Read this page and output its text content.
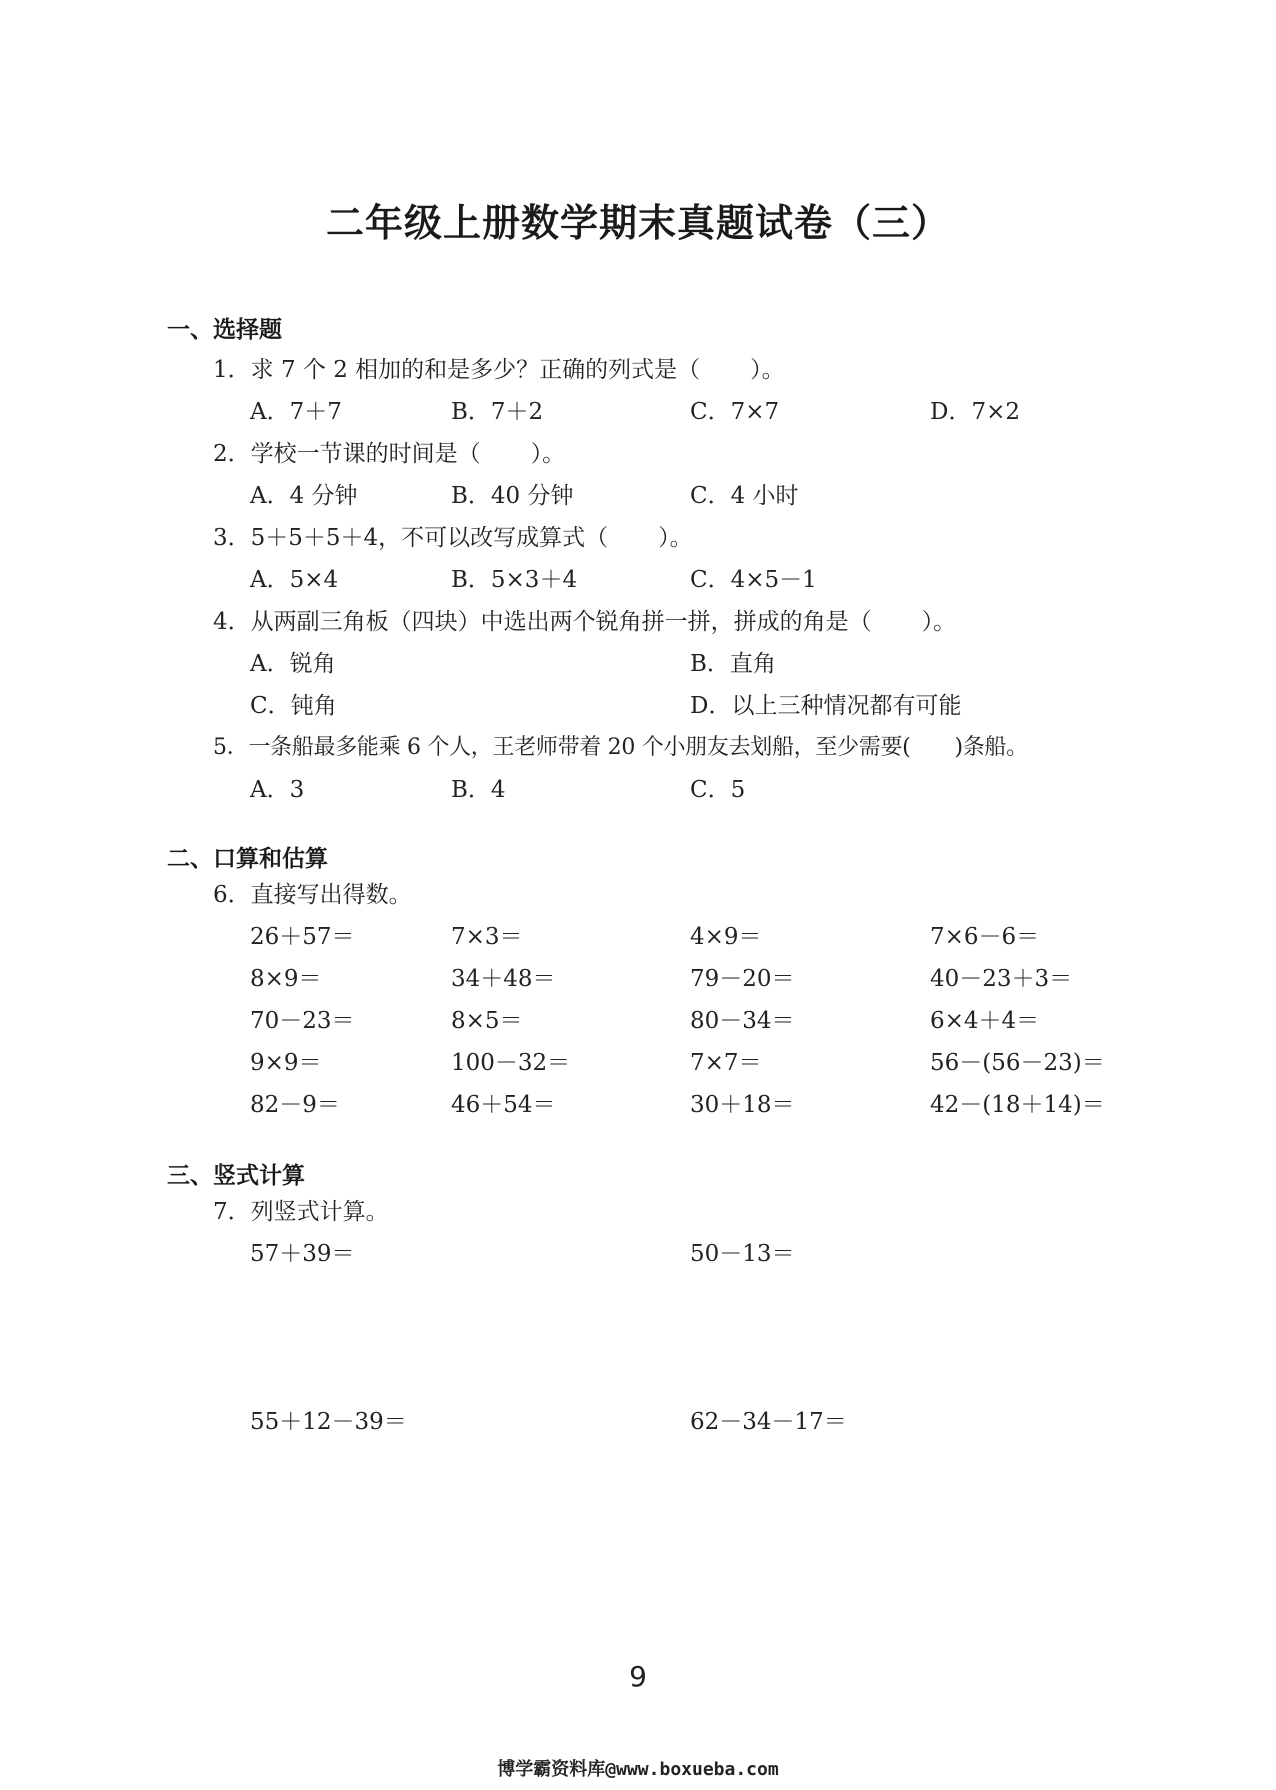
二年级上册数学期末真题试卷（三）
一、选择题
1．求 7 个 2 相加的和是多少？正确的列式是（ ）。
A．7＋7	B．7＋2	C．7×7	D．7×2
2．学校一节课的时间是（ ）。
A．4 分钟	B．40 分钟	C．4 小时
3．5＋5＋5＋4，不可以改写成算式（ ）。
A．5×4	B．5×3＋4	C．4×5－1
4．从两副三角板（四块）中选出两个锐角拼一拼，拼成的角是（ ）。
A．锐角	B．直角
C．钝角	D．以上三种情况都有可能
5．一条船最多能乘 6 个人，王老师带着 20 个小朋友去划船，至少需要( )条船。
A．3	B．4	C．5
二、口算和估算
6．直接写出得数。
26＋57＝	7×3＝	4×9＝	7×6－6＝
8×9＝	34＋48＝	79－20＝	40－23＋3＝
70－23＝	8×5＝	80－34＝	6×4＋4＝
9×9＝	100－32＝	7×7＝	56－(56－23)＝
82－9＝	46＋54＝	30＋18＝	42－(18＋14)＝
三、竖式计算
7．列竖式计算。
57＋39＝	50－13＝
55＋12－39＝	62－34－17＝
9
博学霸资料库@www.boxueba.com
